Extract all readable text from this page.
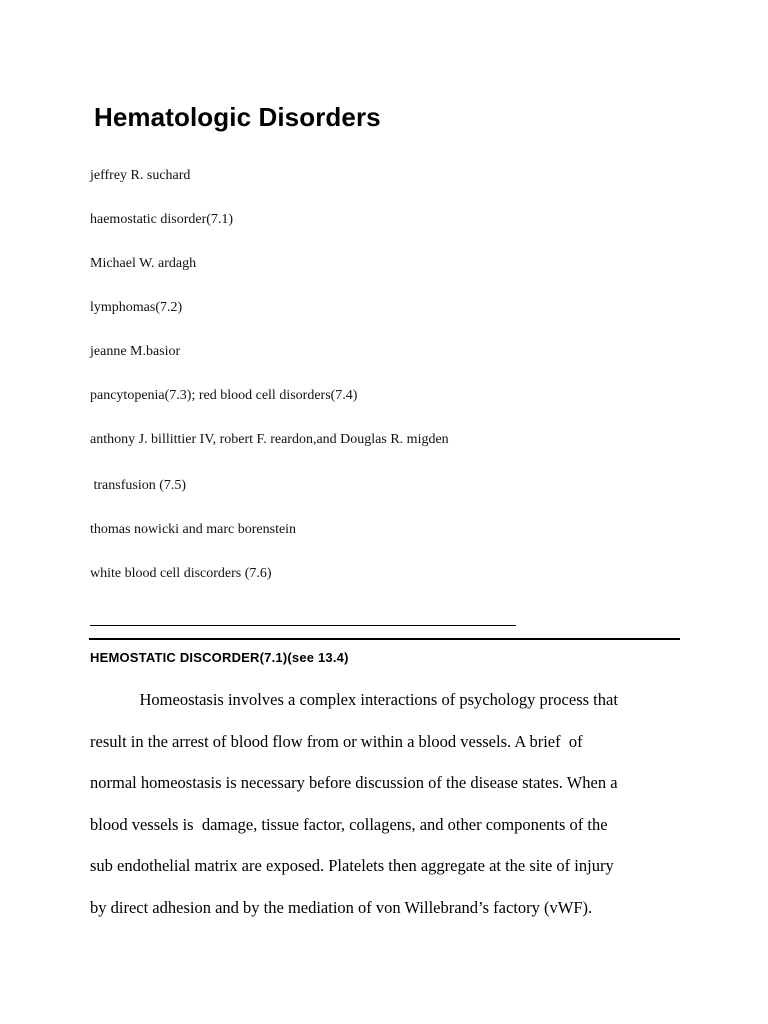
Hematologic Disorders
jeffrey R. suchard
haemostatic disorder(7.1)
Michael W. ardagh
lymphomas(7.2)
jeanne M.basior
pancytopenia(7.3); red blood cell disorders(7.4)
anthony J. billittier IV, robert F. reardon,and Douglas R. migden
transfusion (7.5)
thomas nowicki and marc borenstein
white blood cell discorders (7.6)
HEMOSTATIC DISCORDER(7.1)(see 13.4)
Homeostasis involves a complex interactions of psychology process that
result in the arrest of blood flow from or within a blood vessels. A brief  of
normal homeostasis is necessary before discussion of the disease states. When a
blood vessels is  damage, tissue factor, collagens, and other components of the
sub endothelial matrix are exposed. Platelets then aggregate at the site of injury
by direct adhesion and by the mediation of von Willebrand’s factory (vWF).
